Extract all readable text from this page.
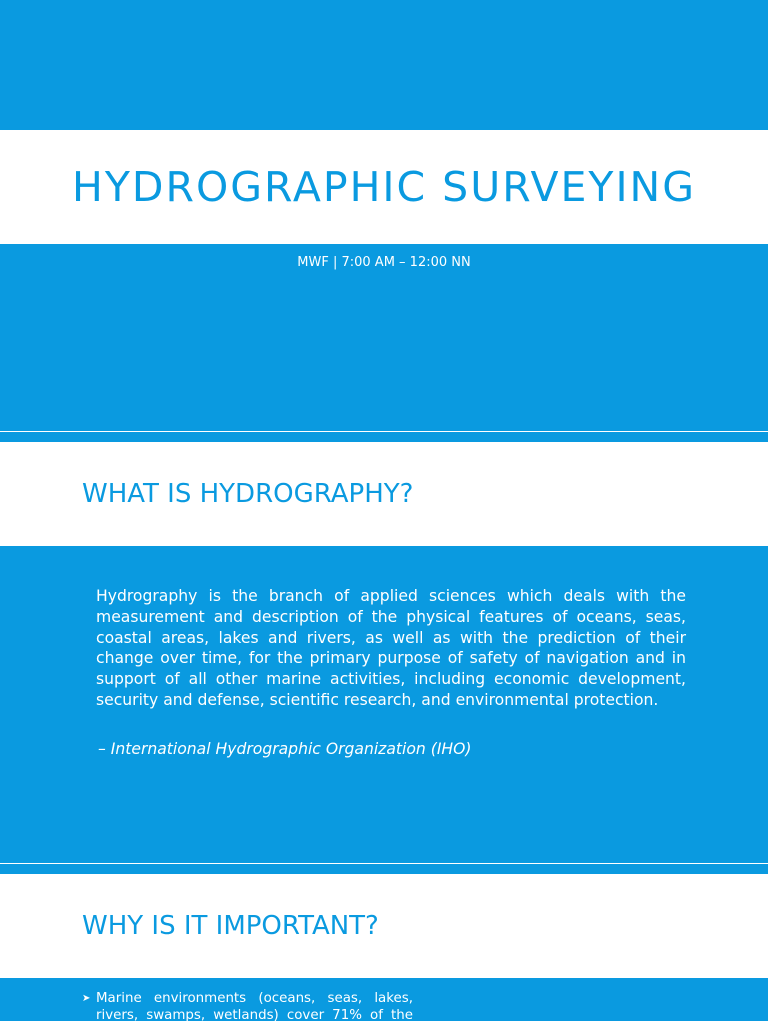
HYDROGRAPHIC SURVEYING

MWF | 7:00 AM – 12:00 NN

WHAT IS HYDROGRAPHY?

Hydrography is the branch of applied sciences which deals with the measurement and description of the physical features of oceans, seas, coastal areas, lakes and rivers, as well as with the prediction of their change over time, for the primary purpose of safety of navigation and in support of all other marine activities, including economic development, security and defense, scientific research, and environmental protection.

– International Hydrographic Organization (IHO)

WHY IS IT IMPORTANT?
➤ Marine environments (oceans, seas, lakes, rivers, swamps, wetlands) cover 71% of the
